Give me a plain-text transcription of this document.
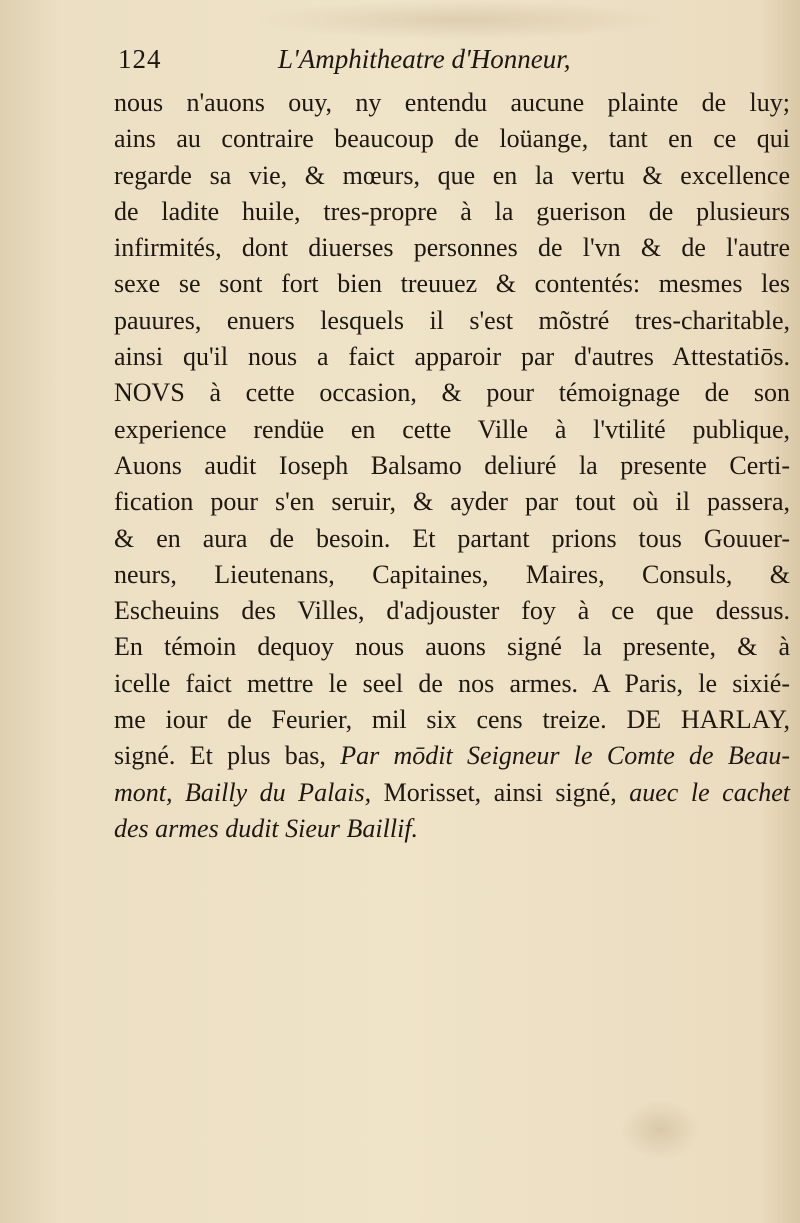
124	L'Amphitheatre d'Honneur,
nous n'auons ouy, ny entendu aucune plainte de luy;
ains au contraire beaucoup de loüange, tant en ce qui
regarde sa vie, & mœurs, que en la vertu & excellence
de ladite huile, tres-propre à la guerison de plusieurs
infirmités, dont diuerses personnes de l'vn & de l'autre
sexe se sont fort bien treuuez & contentés: mesmes les
pauures, enuers lesquels il s'est mõstré tres-charitable,
ainsi qu'il nous a faict apparoir par d'autres Attestatiōs.
NOVS à cette occasion, & pour témoignage de son
experience rendüe en cette Ville à l'vtilité publique,
Auons audit Ioseph Balsamo deliuré la presente Certi-
fication pour s'en seruir, & ayder par tout où il passera,
& en aura de besoin. Et partant prions tous Gouuer-
neurs, Lieutenans, Capitaines, Maires, Consuls, &
Escheuins des Villes, d'adjouster foy à ce que dessus.
En témoin dequoy nous auons signé la presente, & à
icelle faict mettre le seel de nos armes. A Paris, le sixié-
me iour de Feurier, mil six cens treize. DE HARLAY,
signé. Et plus bas, Par mōdit Seigneur le Comte de Beau-
mont, Bailly du Palais, Morisset, ainsi signé, auec le cachet
des armes dudit Sieur Baillif.
